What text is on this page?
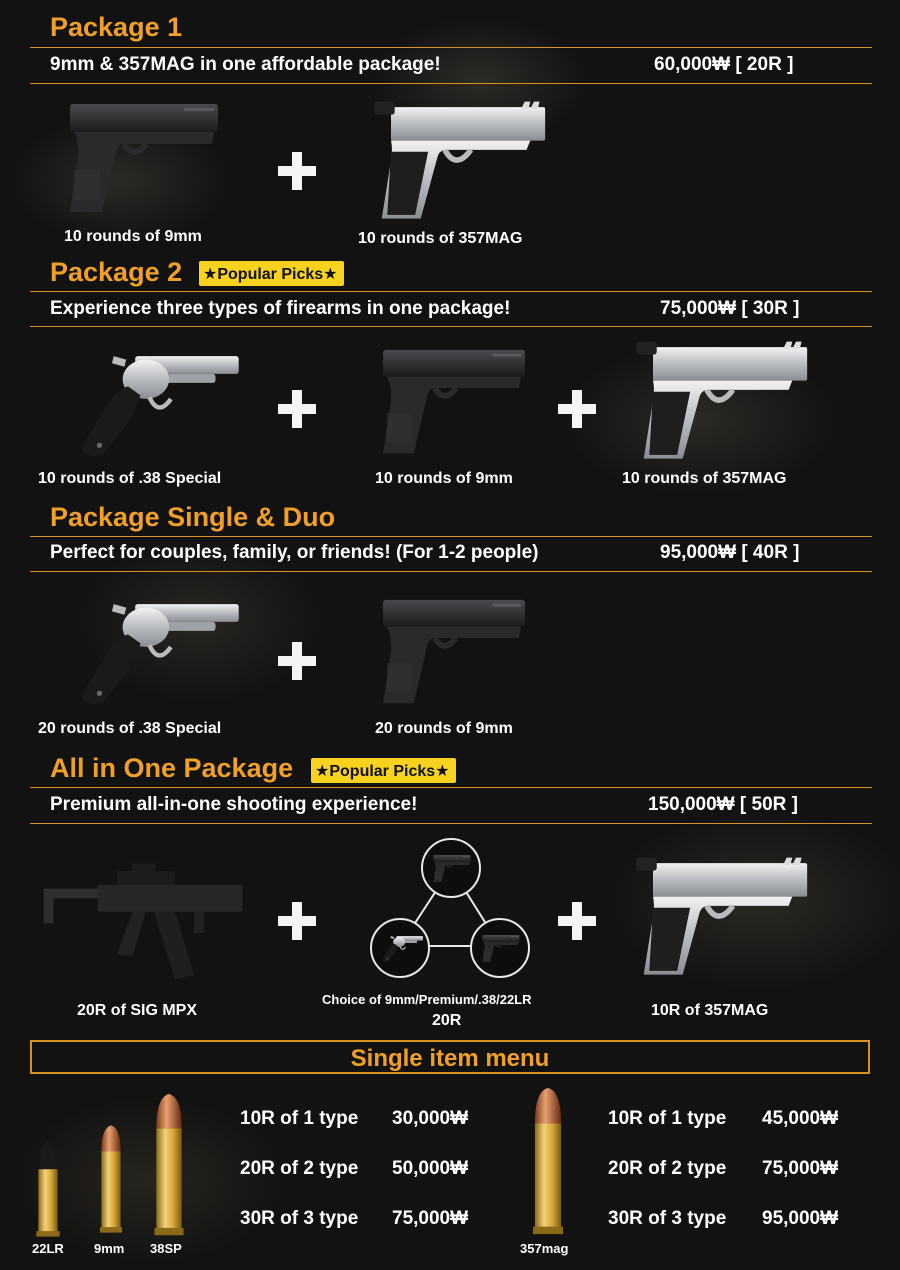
Package 1
9mm & 357MAG in one affordable package!	60,000₩ [ 20R ]
10 rounds of 9mm	10 rounds of 357MAG
Package 2 ★Popular Picks★
Experience three types of firearms in one package!	75,000₩ [ 30R ]
10 rounds of .38 Special	10 rounds of 9mm	10 rounds of 357MAG
Package Single & Duo
Perfect for couples, family, or friends! (For 1-2 people)	95,000₩ [ 40R ]
20 rounds of .38 Special	20 rounds of 9mm
All in One Package ★Popular Picks★
Premium all-in-one shooting experience!	150,000₩ [ 50R ]
20R of SIG MPX
Choice of 9mm/Premium/.38/22LR
20R
10R of 357MAG
Single item menu
22LR 9mm 38SP
10R of 1 type 30,000₩
20R of 2 type 50,000₩
30R of 3 type 75,000₩
357mag
10R of 1 type 45,000₩
20R of 2 type 75,000₩
30R of 3 type 95,000₩
